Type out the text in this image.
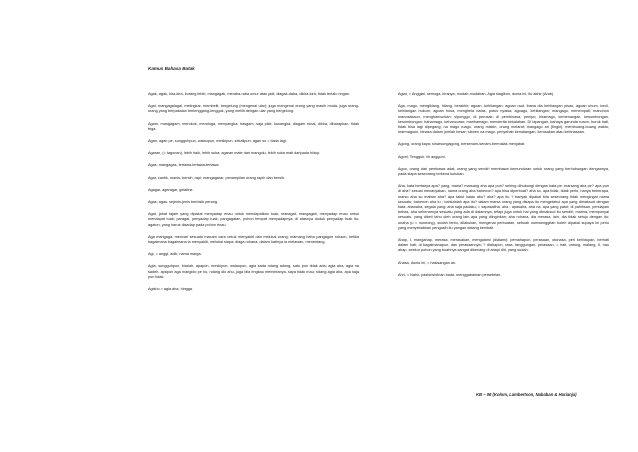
Kamus Bahasa Batak

Agak, agak, kira-kira, kurang lebih; mangagak, meraba-raba umur atau jadi; diagak-daba, dikira-kira, tidak terlalu ringan.

Agal, mangagalagal, melingkar, membelit, bergelung (mengenai ular); juga mengenai orang yang masih muda, juga orang-orang yang berpakaian berlenggang-lenggok, yang melilit dengan ular yang bergelung.

Agam, mangagam, merokok, menduga, menyangka; hasgam, saja pikir, kusangka; diagam rohai, dikira, diharapkan, tidak tega.

Agan, agan pe, sungguhpun, walaupun, meskipun, sekalipun; agan so = tiada lagi.

Agaran, (= tagonan), lebih baik, lebih suka; agaran mate dari mangolu, lebih suka mati daripada hidup.

Agas, mangagas, tertawa-tertawa-tertawa.

Agar, cantik, manis, bersih, rapi; mangagarar, penampilan orang rapih dan bersih.

Agagar, agaragar, gelatine.

Agas, agas, sejenis-jenis berbisik perang.

Agat, jahat tajam yang dipakai menyadap enau untuk mendapatkan tuak; managat, mangagati, menyadap enau untuk mendapat tuak; paragat, penyadap tuak; pangagatan, pohon tempat menyadapnya; di atasnya duduk penyadap tuak itu; agaton, yang harus disadap pada pohon enau.

Aga mangaga, mencari sesuatu macam cara untuk menyakiti dan melukai orang; mamang baho pangagoe rohaon, ketika bagaimana bagaimana ia menyakiti, melukai siapa; diaga rohana, dalam hatinya ia melawan, menentang.

Agi, = anggi, adik, nama marga.

Agia, sungguhpun, biarlah, apapun, meskipun, walaupun, agia sada ndang adong, satu pun tidak ada; agia aha, agia na sadeh, apapun aga mangido pe ho, ndang dio ahu, juga bila engkau memintanya, saya tidak mau; ndang agia aha, apa saja pun tidak.

Agisho = agia aha, hingga.

Agiat, = Anggiat, semoga, kiranya, mudah-mudahan, Agia siagikon, dunia ini, itu akhir (Arab).

Aga, mago, mengiklang, hilang, berakhir; agoan, kehilangan; agoan raut, ibana dia kehilangan pisau; agoan uhum, kecil, kehilangan hukum; agoan hosa, menghela nafas, putus nyawa; agoago, kehilangan; mangago, menempati; manohon manosakaon, menghancurkan; siponggo, di perusak; di pembinasa, penipu; hiramago, kemenangan, kesombongan, kesombongan; hahamago, kehancuran; marihamago, menderita kekalahan. Di lapangan, bahaya garunda ruaon, buruk hati, tidak bisa lagi dipegang; na mago ruago, orang miskin, orang melarat; mangago ari (tingki), membuang-buang waktu; marmagoon, binasa dalam jumlah besar; siboen na mago, penyebab kemalangan, kerusakan atau kebinasaan.

Agong, orang kaya; sinarsongagong, bersenam-senam-bermalas menjabat.

Agoni, Tengguk, lih anggoni.

Agoo, orang dari pembawa adat, orang yang sendiri membawa kemunduran untuk orang yang berhubungan dengannya, pada siapa seseorang terkena kutukan.

Aha, kata bertanya apa? yang, mana? marsang aha apa pun? seiring dihubungi dengan kata-pe: marsang aha pe? apa pun di aha? sesuai menanyakan, nama orang aha bahenon? apa bisa diperbuat? aha so, apa tidak, tidak perlu, hanya beberapa, marso aha so mabiar aha? apa takut kalau aku? aha? apa itu ? banyak dipakai bila seseorang tidak mengingat nama sesuatu; bahenon aha tu ; bahkanlah apa itu? dalam marsa orang yang disapa itu mengetahui apa yang dimaksud dengan kata; ahanaha, segala yang; aha saja padaku; = sapasatiha, aha ; apasaha, aha na, apa yang patut; di pahihsan, persiapan bebas, aha sebenarnya sesuatu yang ada di dalamnya, tetapi juga untuk hal yang dimaksud itu sendiri; marina, mempunyai sesuatu, yang dibeli tahu oleh orang lain apa yang diinginkan; aha rohana, dia merasa, lain, dia tidak setuju dengan itu; unaha (u = nuneong), sudah tentu, dilakukan, mengenai perbuatan, sebuah numwenggitah boleh dipakai supaya ini perlu yang menyebabkan pengasih itu yangan datang kembali.

Ahap, I, mangahap, merasa, merasakan, mengalami (dialami): pemahapon, perasaan, otonasa, peri kehidupan, berhati dalam hati; di bagaimanapun, dan perasaannya; ? diahapon, rasa, tanggungan, perasaan, = hati, untung, malang, II, hau ahap, seekor pohon yang buahnya sangat dikenang di ahapi diri, yang sudah.

Ahasa, dunia ini, = hasisangan an.

Ahri, = Nahir, pashirishitnan bada, menggabarkan persetelan.

KB – 06 (Kolom, Lambertson, Nababan & Harianja)
